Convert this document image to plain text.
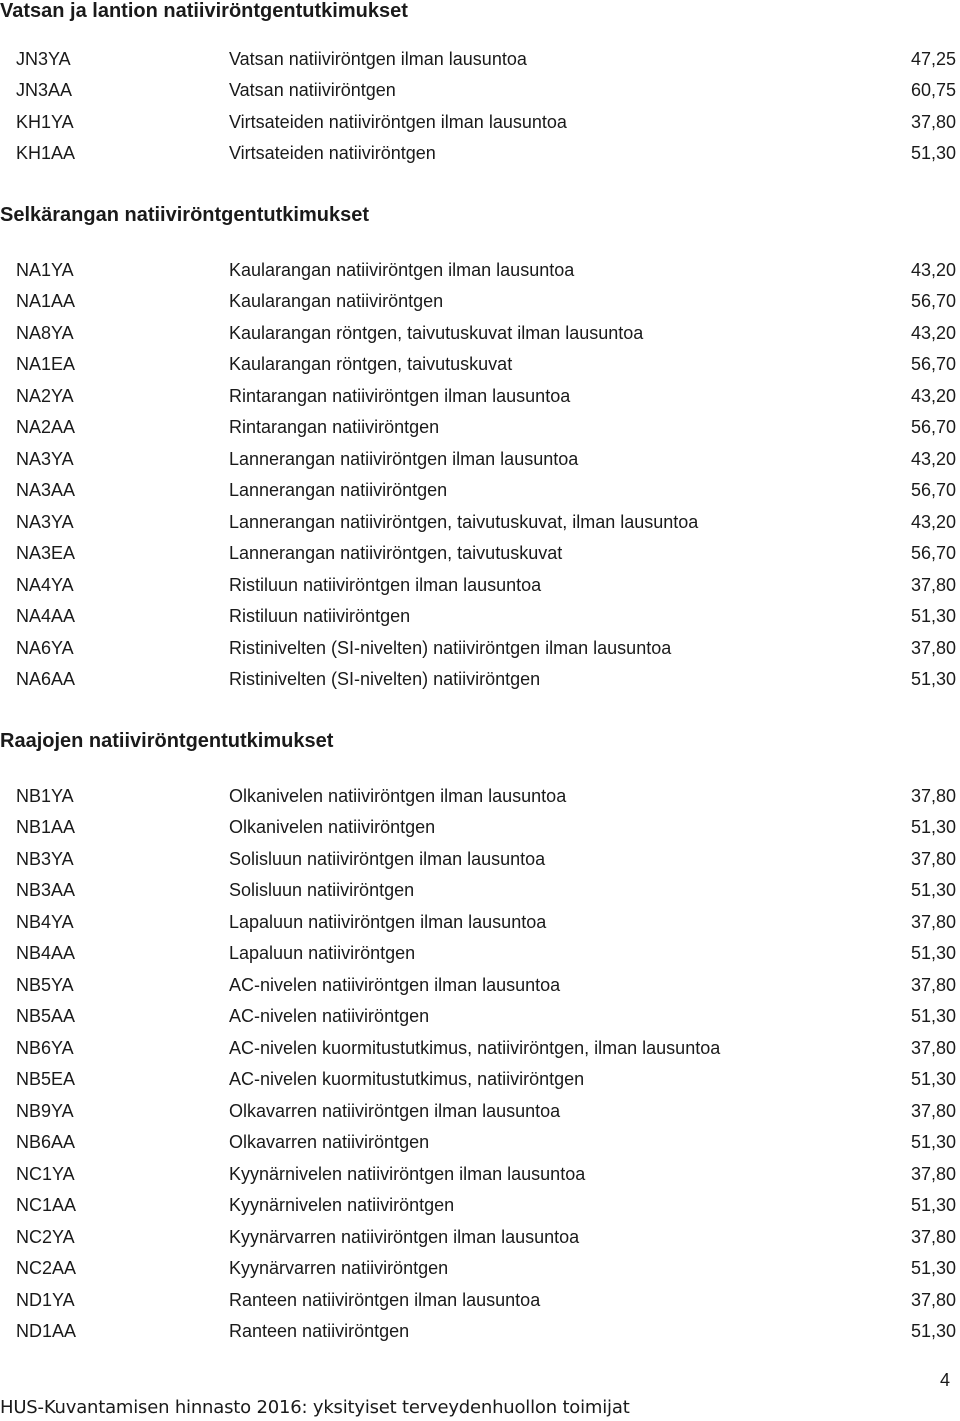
Vatsan ja lantion natiiviröntgentutkimukset
JN3YA	Vatsan natiiviröntgen ilman lausuntoa	47,25
JN3AA	Vatsan natiiviröntgen	60,75
KH1YA	Virtsateiden natiiviröntgen ilman lausuntoa	37,80
KH1AA	Virtsateiden natiiviröntgen	51,30
Selkärangan natiiviröntgentutkimukset
NA1YA	Kaularangan natiiviröntgen ilman lausuntoa	43,20
NA1AA	Kaularangan natiiviröntgen	56,70
NA8YA	Kaularangan röntgen, taivutuskuvat ilman lausuntoa	43,20
NA1EA	Kaularangan röntgen, taivutuskuvat	56,70
NA2YA	Rintarangan natiiviröntgen ilman lausuntoa	43,20
NA2AA	Rintarangan natiiviröntgen	56,70
NA3YA	Lannerangan natiiviröntgen ilman lausuntoa	43,20
NA3AA	Lannerangan natiiviröntgen	56,70
NA3YA	Lannerangan natiiviröntgen, taivutuskuvat, ilman lausuntoa	43,20
NA3EA	Lannerangan natiiviröntgen, taivutuskuvat	56,70
NA4YA	Ristiluun natiiviröntgen ilman lausuntoa	37,80
NA4AA	Ristiluun natiiviröntgen	51,30
NA6YA	Ristinivelten (SI-nivelten) natiiviröntgen ilman lausuntoa	37,80
NA6AA	Ristinivelten (SI-nivelten) natiiviröntgen	51,30
Raajojen natiiviröntgentutkimukset
NB1YA	Olkanivelen natiiviröntgen ilman lausuntoa	37,80
NB1AA	Olkanivelen natiiviröntgen	51,30
NB3YA	Solisluun natiiviröntgen ilman lausuntoa	37,80
NB3AA	Solisluun natiiviröntgen	51,30
NB4YA	Lapaluun natiiviröntgen ilman lausuntoa	37,80
NB4AA	Lapaluun natiiviröntgen	51,30
NB5YA	AC-nivelen natiiviröntgen ilman lausuntoa	37,80
NB5AA	AC-nivelen natiiviröntgen	51,30
NB6YA	AC-nivelen kuormitustutkimus, natiiviröntgen, ilman lausuntoa	37,80
NB5EA	AC-nivelen kuormitustutkimus, natiiviröntgen	51,30
NB9YA	Olkavarren natiiviröntgen ilman lausuntoa	37,80
NB6AA	Olkavarren natiiviröntgen	51,30
NC1YA	Kyynärnivelen natiiviröntgen ilman lausuntoa	37,80
NC1AA	Kyynärnivelen natiiviröntgen	51,30
NC2YA	Kyynärvarren natiiviröntgen ilman lausuntoa	37,80
NC2AA	Kyynärvarren natiiviröntgen	51,30
ND1YA	Ranteen natiiviröntgen ilman lausuntoa	37,80
ND1AA	Ranteen natiiviröntgen	51,30
4
HUS-Kuvantamisen hinnasto 2016: yksityiset terveydenhuollon toimijat
